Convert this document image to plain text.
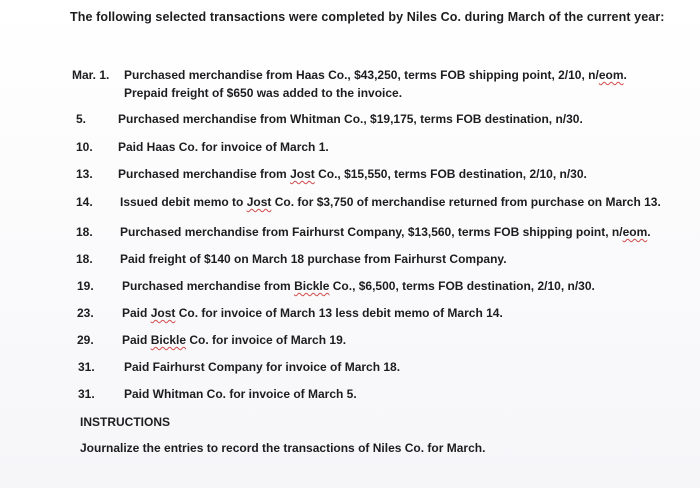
The following selected transactions were completed by Niles Co. during March of the current year:
Mar. 1. Purchased merchandise from Haas Co., $43,250, terms FOB shipping point, 2/10, n/eom.
Prepaid freight of $650 was added to the invoice.
5.	Purchased merchandise from Whitman Co., $19,175, terms FOB destination, n/30.
10. Paid Haas Co. for invoice of March 1.
13. Purchased merchandise from Jost Co., $15,550, terms FOB destination, 2/10, n/30.
14. Issued debit memo to Jost Co. for $3,750 of merchandise returned from purchase on March 13.
18. Purchased merchandise from Fairhurst Company, $13,560, terms FOB shipping point, n/eom.
18. Paid freight of $140 on March 18 purchase from Fairhurst Company.
19. Purchased merchandise from Bickle Co., $6,500, terms FOB destination, 2/10, n/30.
23. Paid Jost Co. for invoice of March 13 less debit memo of March 14.
29. Paid Bickle Co. for invoice of March 19.
31. Paid Fairhurst Company for invoice of March 18.
31. Paid Whitman Co. for invoice of March 5.
INSTRUCTIONS
Journalize the entries to record the transactions of Niles Co. for March.
